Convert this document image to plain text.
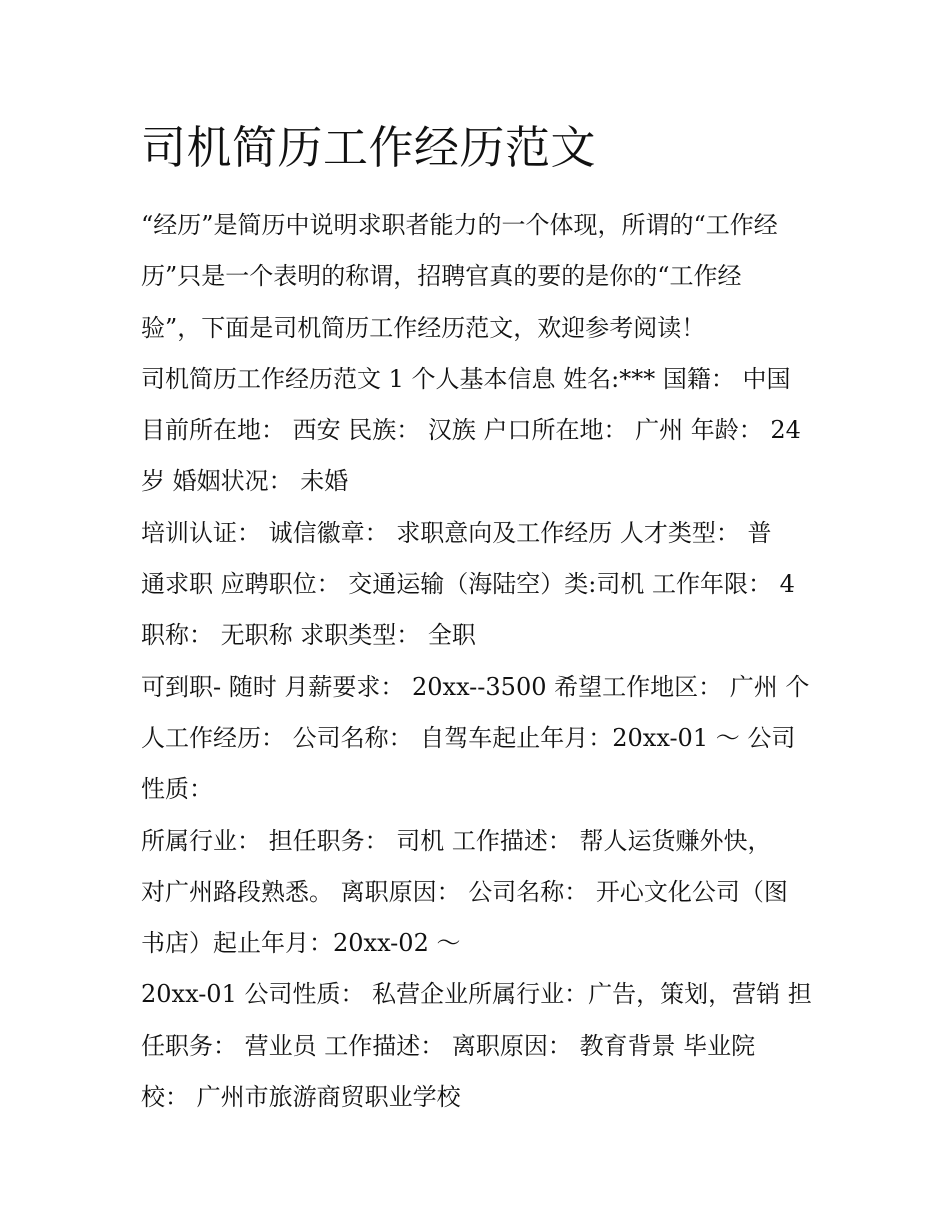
司机简历工作经历范文

“经历”是简历中说明求职者能力的一个体现，所谓的“工作经
历”只是一个表明的称谓，招聘官真的要的是你的“工作经
验”，下面是司机简历工作经历范文，欢迎参考阅读！

司机简历工作经历范文 1 个人基本信息 姓名:*** 国籍： 中国
目前所在地： 西安 民族： 汉族 户口所在地： 广州 年龄： 24
岁 婚姻状况： 未婚

培训认证： 诚信徽章： 求职意向及工作经历 人才类型： 普
通求职 应聘职位： 交通运输（海陆空）类:司机 工作年限： 4
职称： 无职称 求职类型： 全职

可到职- 随时 月薪要求： 20xx--3500 希望工作地区： 广州 个
人工作经历： 公司名称： 自驾车起止年月：20xx-01 ～ 公司
性质：

所属行业： 担任职务： 司机 工作描述： 帮人运货赚外快，
对广州路段熟悉。 离职原因： 公司名称： 开心文化公司（图
书店）起止年月：20xx-02 ～

20xx-01 公司性质： 私营企业所属行业：广告，策划，营销 担
任职务： 营业员 工作描述： 离职原因： 教育背景 毕业院
校： 广州市旅游商贸职业学校
